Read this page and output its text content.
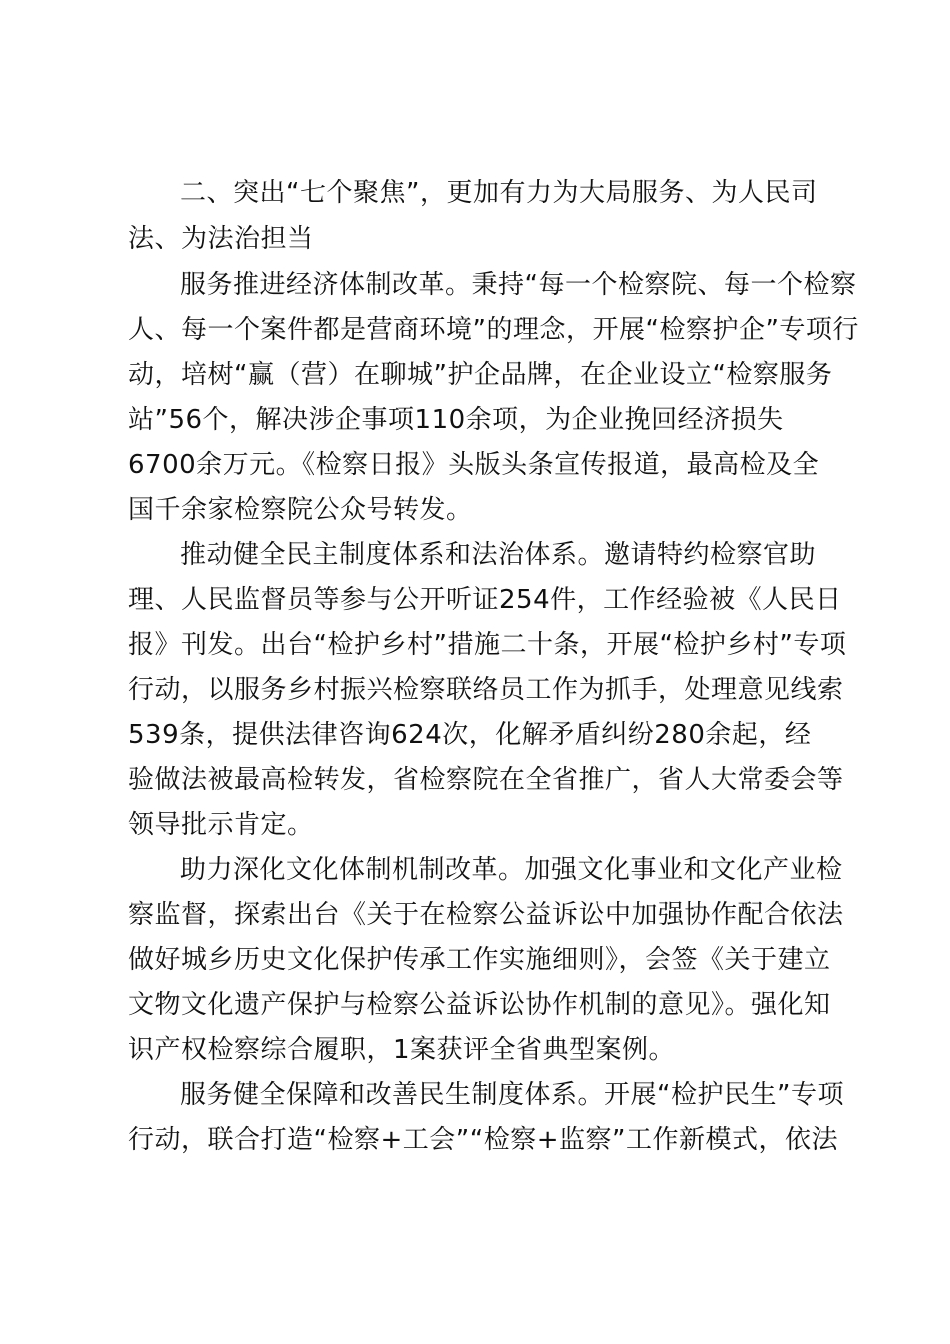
二、突出“七个聚焦”，更加有力为大局服务、为人民司

法、为法治担当

服务推进经济体制改革。秉持“每一个检察院、每一个检察

人、每一个案件都是营商环境”的理念，开展“检察护企”专项行

动，培树“赢（营）在聊城”护企品牌，在企业设立“检察服务

站”56个，解决涉企事项110余项，为企业挽回经济损失

6700余万元。《检察日报》头版头条宣传报道，最高检及全

国千余家检察院公众号转发。

推动健全民主制度体系和法治体系。邀请特约检察官助

理、人民监督员等参与公开听证254件，工作经验被《人民日

报》刊发。出台“检护乡村”措施二十条，开展“检护乡村”专项

行动，以服务乡村振兴检察联络员工作为抓手，处理意见线索

539条，提供法律咨询624次，化解矛盾纠纷280余起，经

验做法被最高检转发，省检察院在全省推广，省人大常委会等

领导批示肯定。

助力深化文化体制机制改革。加强文化事业和文化产业检

察监督，探索出台《关于在检察公益诉讼中加强协作配合依法

做好城乡历史文化保护传承工作实施细则》，会签《关于建立

文物文化遗产保护与检察公益诉讼协作机制的意见》。强化知

识产权检察综合履职，1案获评全省典型案例。

服务健全保障和改善民生制度体系。开展“检护民生”专项

行动，联合打造“检察+工会”“检察+监察”工作新模式，依法
